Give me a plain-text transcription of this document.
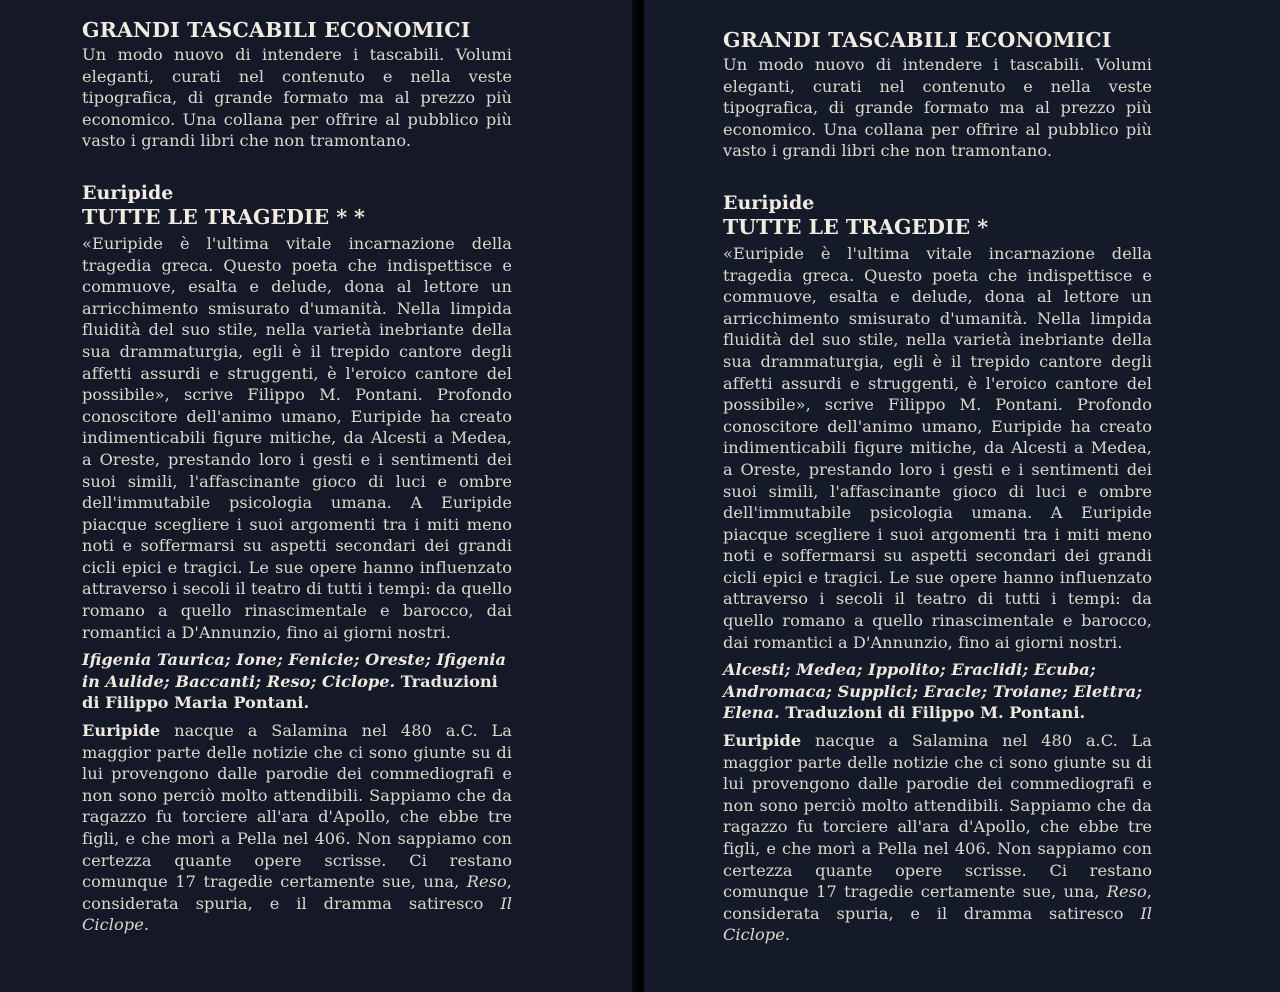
GRANDI TASCABILI ECONOMICI

Un modo nuovo di intendere i tascabili. Volumi eleganti, curati nel contenuto e nella veste tipografica, di grande formato ma al prezzo più economico. Una collana per offrire al pubblico più vasto i grandi libri che non tramontano.

Euripide
TUTTE LE TRAGEDIE * *

«Euripide è l'ultima vitale incarnazione della tragedia greca. Questo poeta che indispettisce e commuove, esalta e delude, dona al lettore un arricchimento smisurato d'umanità. Nella limpida fluidità del suo stile, nella varietà inebriante della sua drammaturgia, egli è il trepido cantore degli affetti assurdi e struggenti, è l'eroico cantore del possibile», scrive Filippo M. Pontani. Profondo conoscitore dell'animo umano, Euripide ha creato indimenticabili figure mitiche, da Alcesti a Medea, a Oreste, prestando loro i gesti e i sentimenti dei suoi simili, l'affascinante gioco di luci e ombre dell'immutabile psicologia umana. A Euripide piacque scegliere i suoi argomenti tra i miti meno noti e soffermarsi su aspetti secondari dei grandi cicli epici e tragici. Le sue opere hanno influenzato attraverso i secoli il teatro di tutti i tempi: da quello romano a quello rinascimentale e barocco, dai romantici a D'Annunzio, fino ai giorni nostri.

Ifigenia Taurica; Ione; Fenicie; Oreste; Ifigenia in Aulide; Baccanti; Reso; Ciclope. Traduzioni di Filippo Maria Pontani.

Euripide nacque a Salamina nel 480 a.C. La maggior parte delle notizie che ci sono giunte su di lui provengono dalle parodie dei commediografi e non sono perciò molto attendibili. Sappiamo che da ragazzo fu torciere all'ara d'Apollo, che ebbe tre figli, e che morì a Pella nel 406. Non sappiamo con certezza quante opere scrisse. Ci restano comunque 17 tragedie certamente sue, una, Reso, considerata spuria, e il dramma satiresco Il Ciclope.

GRANDI TASCABILI ECONOMICI

Un modo nuovo di intendere i tascabili. Volumi eleganti, curati nel contenuto e nella veste tipografica, di grande formato ma al prezzo più economico. Una collana per offrire al pubblico più vasto i grandi libri che non tramontano.

Euripide
TUTTE LE TRAGEDIE *

«Euripide è l'ultima vitale incarnazione della tragedia greca. Questo poeta che indispettisce e commuove, esalta e delude, dona al lettore un arricchimento smisurato d'umanità. Nella limpida fluidità del suo stile, nella varietà inebriante della sua drammaturgia, egli è il trepido cantore degli affetti assurdi e struggenti, è l'eroico cantore del possibile», scrive Filippo M. Pontani. Profondo conoscitore dell'animo umano, Euripide ha creato indimenticabili figure mitiche, da Alcesti a Medea, a Oreste, prestando loro i gesti e i sentimenti dei suoi simili, l'affascinante gioco di luci e ombre dell'immutabile psicologia umana. A Euripide piacque scegliere i suoi argomenti tra i miti meno noti e soffermarsi su aspetti secondari dei grandi cicli epici e tragici. Le sue opere hanno influenzato attraverso i secoli il teatro di tutti i tempi: da quello romano a quello rinascimentale e barocco, dai romantici a D'Annunzio, fino ai giorni nostri.

Alcesti; Medea; Ippolito; Eraclidi; Ecuba; Andromaca; Supplici; Eracle; Troiane; Elettra; Elena. Traduzioni di Filippo M. Pontani.

Euripide nacque a Salamina nel 480 a.C. La maggior parte delle notizie che ci sono giunte su di lui provengono dalle parodie dei commediografi e non sono perciò molto attendibili. Sappiamo che da ragazzo fu torciere all'ara d'Apollo, che ebbe tre figli, e che morì a Pella nel 406. Non sappiamo con certezza quante opere scrisse. Ci restano comunque 17 tragedie certamente sue, una, Reso, considerata spuria, e il dramma satiresco Il Ciclope.
